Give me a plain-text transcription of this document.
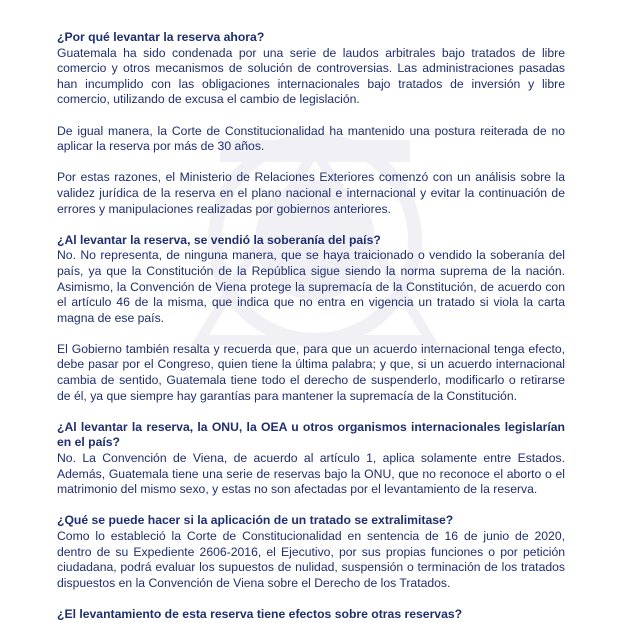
¿Por qué levantar la reserva ahora?

Guatemala ha sido condenada por una serie de laudos arbitrales bajo tratados de libre comercio y otros mecanismos de solución de controversias. Las administraciones pasadas han incumplido con las obligaciones internacionales bajo tratados de inversión y libre comercio, utilizando de excusa el cambio de legislación.

De igual manera, la Corte de Constitucionalidad ha mantenido una postura reiterada de no aplicar la reserva por más de 30 años.

Por estas razones, el Ministerio de Relaciones Exteriores comenzó con un análisis sobre la validez jurídica de la reserva en el plano nacional e internacional y evitar la continuación de errores y manipulaciones realizadas por gobiernos anteriores.

¿Al levantar la reserva, se vendió la soberanía del país?

No. No representa, de ninguna manera, que se haya traicionado o vendido la soberanía del país, ya que la Constitución de la República sigue siendo la norma suprema de la nación. Asimismo, la Convención de Viena protege la supremacía de la Constitución, de acuerdo con el artículo 46 de la misma, que indica que no entra en vigencia un tratado si viola la carta magna de ese país.

El Gobierno también resalta y recuerda que, para que un acuerdo internacional tenga efecto, debe pasar por el Congreso, quien tiene la última palabra; y que, si un acuerdo internacional cambia de sentido, Guatemala tiene todo el derecho de suspenderlo, modificarlo o retirarse de él, ya que siempre hay garantías para mantener la supremacía de la Constitución.

¿Al levantar la reserva, la ONU, la OEA u otros organismos internacionales legislarían en el país?

No. La Convención de Viena, de acuerdo al artículo 1, aplica solamente entre Estados. Además, Guatemala tiene una serie de reservas bajo la ONU, que no reconoce el aborto o el matrimonio del mismo sexo, y estas no son afectadas por el levantamiento de la reserva.

¿Qué se puede hacer si la aplicación de un tratado se extralimitase?

Como lo estableció la Corte de Constitucionalidad en sentencia de 16 de junio de 2020, dentro de su Expediente 2606-2016, el Ejecutivo, por sus propias funciones o por petición ciudadana, podrá evaluar los supuestos de nulidad, suspensión o terminación de los tratados dispuestos en la Convención de Viena sobre el Derecho de los Tratados.

¿El levantamiento de esta reserva tiene efectos sobre otras reservas?
